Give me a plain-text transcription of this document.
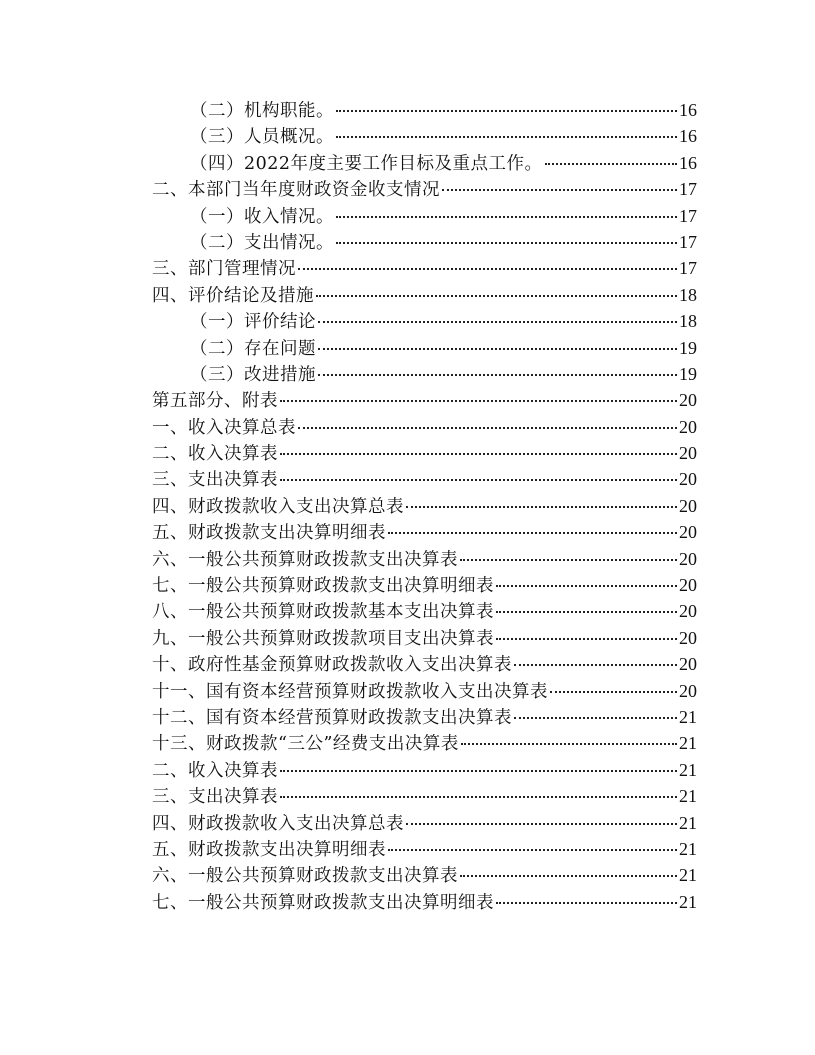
（二）机构职能。	16
（三）人员概况。	16
（四）2022年度主要工作目标及重点工作。	16
二、本部门当年度财政资金收支情况	17
（一）收入情况。	17
（二）支出情况。	17
三、部门管理情况	17
四、评价结论及措施	18
（一）评价结论	18
（二）存在问题	19
（三）改进措施	19
第五部分、附表	20
一、收入决算总表	20
二、收入决算表	20
三、支出决算表	20
四、财政拨款收入支出决算总表	20
五、财政拨款支出决算明细表	20
六、一般公共预算财政拨款支出决算表	20
七、一般公共预算财政拨款支出决算明细表	20
八、一般公共预算财政拨款基本支出决算表	20
九、一般公共预算财政拨款项目支出决算表	20
十、政府性基金预算财政拨款收入支出决算表	20
十一、国有资本经营预算财政拨款收入支出决算表	20
十二、国有资本经营预算财政拨款支出决算表	21
十三、财政拨款“三公”经费支出决算表	21
二、收入决算表	21
三、支出决算表	21
四、财政拨款收入支出决算总表	21
五、财政拨款支出决算明细表	21
六、一般公共预算财政拨款支出决算表	21
七、一般公共预算财政拨款支出决算明细表	21
